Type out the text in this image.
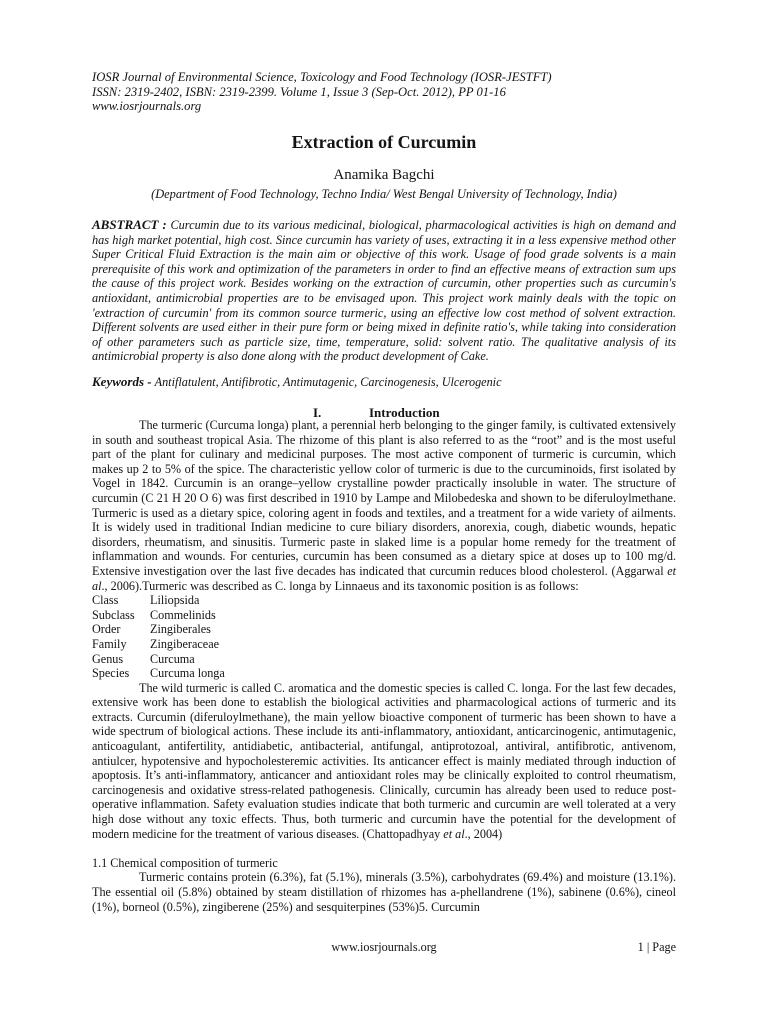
IOSR Journal of Environmental Science, Toxicology and Food Technology (IOSR-JESTFT)
ISSN: 2319-2402, ISBN: 2319-2399. Volume 1, Issue 3 (Sep-Oct. 2012), PP 01-16
www.iosrjournals.org
Extraction of Curcumin
Anamika Bagchi
(Department of Food Technology, Techno India/ West Bengal University of Technology, India)
ABSTRACT : Curcumin due to its various medicinal, biological, pharmacological activities is high on demand and has high market potential, high cost. Since curcumin has variety of uses, extracting it in a less expensive method other Super Critical Fluid Extraction is the main aim or objective of this work. Usage of food grade solvents is a main prerequisite of this work and optimization of the parameters in order to find an effective means of extraction sum ups the cause of this project work. Besides working on the extraction of curcumin, other properties such as curcumin's antioxidant, antimicrobial properties are to be envisaged upon. This project work mainly deals with the topic on 'extraction of curcumin' from its common source turmeric, using an effective low cost method of solvent extraction. Different solvents are used either in their pure form or being mixed in definite ratio's, while taking into consideration of other parameters such as particle size, time, temperature, solid: solvent ratio. The qualitative analysis of its antimicrobial property is also done along with the product development of Cake.
Keywords - Antiflatulent, Antifibrotic, Antimutagenic, Carcinogenesis, Ulcerogenic
I.	Introduction

The turmeric (Curcuma longa) plant, a perennial herb belonging to the ginger family, is cultivated extensively in south and southeast tropical Asia. The rhizome of this plant is also referred to as the “root” and is the most useful part of the plant for culinary and medicinal purposes. The most active component of turmeric is curcumin, which makes up 2 to 5% of the spice. The characteristic yellow color of turmeric is due to the curcuminoids, first isolated by Vogel in 1842. Curcumin is an orange–yellow crystalline powder practically insoluble in water. The structure of curcumin (C 21 H 20 O 6) was first described in 1910 by Lampe and Milobedeska and shown to be diferuloylmethane. Turmeric is used as a dietary spice, coloring agent in foods and textiles, and a treatment for a wide variety of ailments. It is widely used in traditional Indian medicine to cure biliary disorders, anorexia, cough, diabetic wounds, hepatic disorders, rheumatism, and sinusitis. Turmeric paste in slaked lime is a popular home remedy for the treatment of inflammation and wounds. For centuries, curcumin has been consumed as a dietary spice at doses up to 100 mg/d. Extensive investigation over the last five decades has indicated that curcumin reduces blood cholesterol. (Aggarwal et al., 2006).Turmeric was described as C. longa by Linnaeus and its taxonomic position is as follows:

Class	Liliopsida
Subclass	Commelinids
Order	Zingiberales
Family	Zingiberaceae
Genus	Curcuma
Species	Curcuma longa

The wild turmeric is called C. aromatica and the domestic species is called C. longa. For the last few decades, extensive work has been done to establish the biological activities and pharmacological actions of turmeric and its extracts. Curcumin (diferuloylmethane), the main yellow bioactive component of turmeric has been shown to have a wide spectrum of biological actions. These include its anti-inflammatory, antioxidant, anticarcinogenic, antimutagenic, anticoagulant, antifertility, antidiabetic, antibacterial, antifungal, antiprotozoal, antiviral, antifibrotic, antivenom, antiulcer, hypotensive and hypocholesteremic activities. Its anticancer effect is mainly mediated through induction of apoptosis. It’s anti-inflammatory, anticancer and antioxidant roles may be clinically exploited to control rheumatism, carcinogenesis and oxidative stress-related pathogenesis. Clinically, curcumin has already been used to reduce post-operative inflammation. Safety evaluation studies indicate that both turmeric and curcumin are well tolerated at a very high dose without any toxic effects. Thus, both turmeric and curcumin have the potential for the development of modern medicine for the treatment of various diseases. (Chattopadhyay et al., 2004)

1.1 Chemical composition of turmeric

Turmeric contains protein (6.3%), fat (5.1%), minerals (3.5%), carbohydrates (69.4%) and moisture (13.1%). The essential oil (5.8%) obtained by steam distillation of rhizomes has a-phellandrene (1%), sabinene (0.6%), cineol (1%), borneol (0.5%), zingiberene (25%) and sesquiterpines (53%)5. Curcumin

www.iosrjournals.org	1 | Page
